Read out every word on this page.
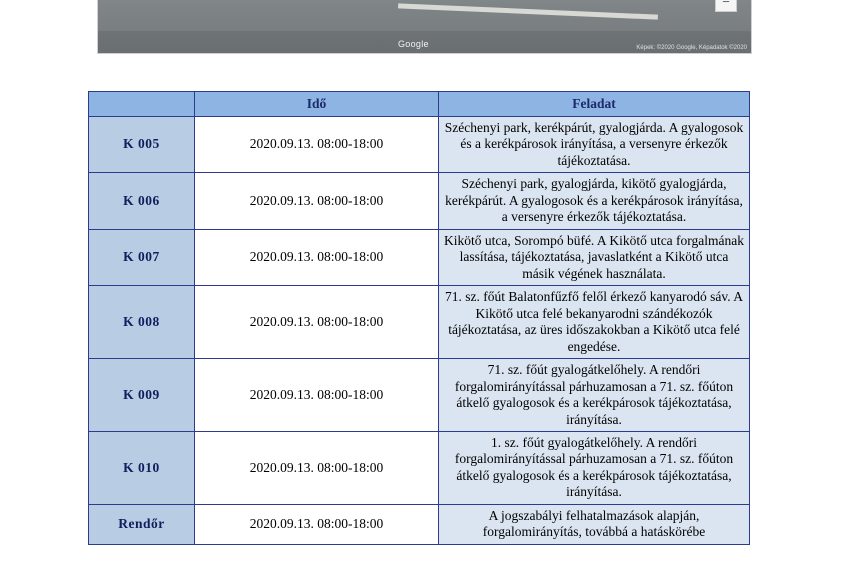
−
Google	Képek: ©2020 Google, Képadatok ©2020
	Idő	Feladat
K 005	2020.09.13. 08:00-18:00	Széchenyi park, kerékpárút, gyalogjárda. A gyalogosok és a kerékpárosok irányítása, a versenyre érkezők tájékoztatása.
K 006	2020.09.13. 08:00-18:00	Széchenyi park, gyalogjárda, kikötő gyalogjárda, kerékpárút. A gyalogosok és a kerékpárosok irányítása, a versenyre érkezők tájékoztatása.
K 007	2020.09.13. 08:00-18:00	Kikötő utca, Sorompó büfé. A Kikötő utca forgalmának lassítása, tájékoztatása, javaslatként a Kikötő utca másik végének használata.
K 008	2020.09.13. 08:00-18:00	71. sz. főút Balatonfűzfő felől érkező kanyarodó sáv. A Kikötő utca felé bekanyarodni szándékozók tájékoztatása, az üres időszakokban a Kikötő utca felé engedése.
K 009	2020.09.13. 08:00-18:00	71. sz. főút gyalogátkelőhely. A rendőri forgalomirányítással párhuzamosan a 71. sz. főúton átkelő gyalogosok és a kerékpárosok tájékoztatása, irányítása.
K 010	2020.09.13. 08:00-18:00	1. sz. főút gyalogátkelőhely. A rendőri forgalomirányítással párhuzamosan a 71. sz. főúton átkelő gyalogosok és a kerékpárosok tájékoztatása, irányítása.
Rendőr	2020.09.13. 08:00-18:00	A jogszabályi felhatalmazások alapján, forgalomirányítás, továbbá a hatáskörébe
